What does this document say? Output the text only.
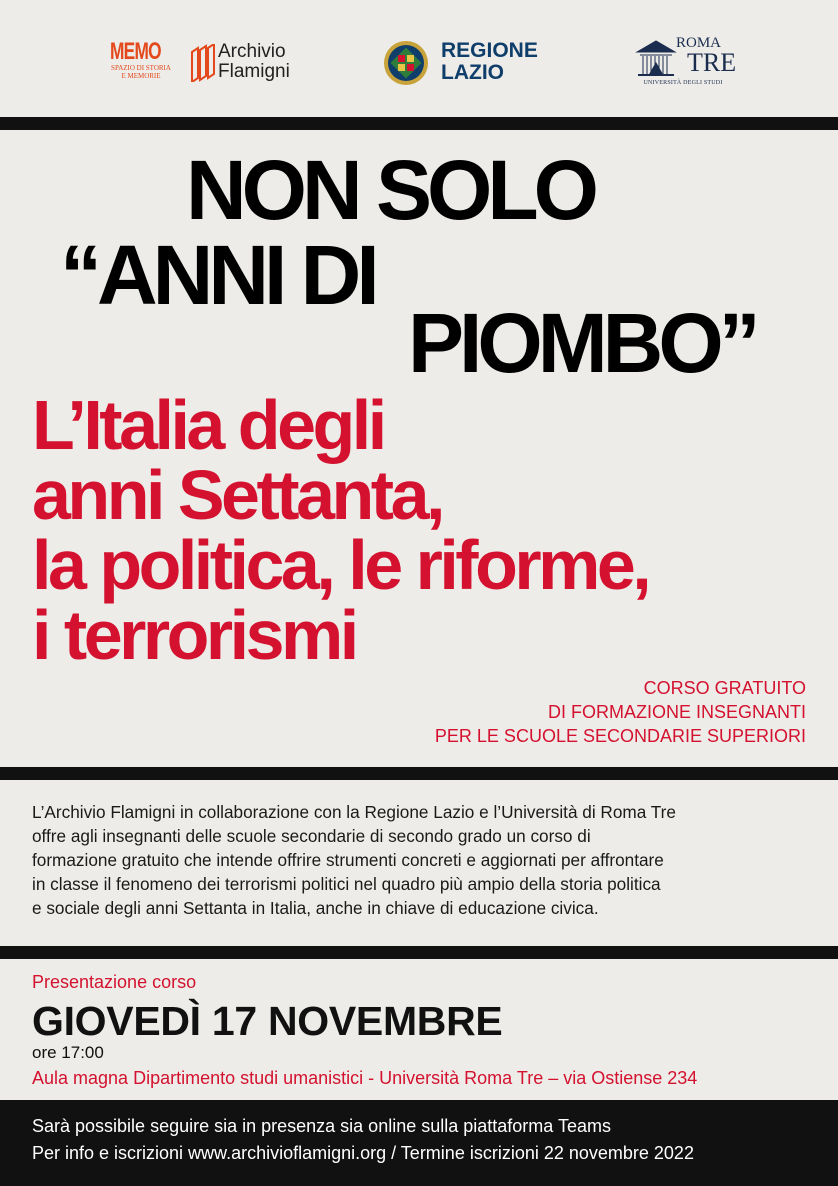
MEMO
SPAZIO DI STORIA
E MEMORIE
Archivio
Flamigni
REGIONE
LAZIO
ROMA
TRE
UNIVERSITÀ DEGLI STUDI
NON SOLO
“ANNI DI
PIOMBO”
L’Italia degli
anni Settanta,
la politica, le riforme,
i terrorismi
CORSO GRATUITO
DI FORMAZIONE INSEGNANTI
PER LE SCUOLE SECONDARIE SUPERIORI
L’Archivio Flamigni in collaborazione con la Regione Lazio e l’Università di Roma Tre
offre agli insegnanti delle scuole secondarie di secondo grado un corso di
formazione gratuito che intende offrire strumenti concreti e aggiornati per affrontare
in classe il fenomeno dei terrorismi politici nel quadro più ampio della storia politica
e sociale degli anni Settanta in Italia, anche in chiave di educazione civica.
Presentazione corso
GIOVEDÌ 17 NOVEMBRE
ore 17:00
Aula magna Dipartimento studi umanistici - Università Roma Tre – via Ostiense 234
Sarà possibile seguire sia in presenza sia online sulla piattaforma Teams
Per info e iscrizioni www.archivioflamigni.org / Termine iscrizioni 22 novembre 2022
